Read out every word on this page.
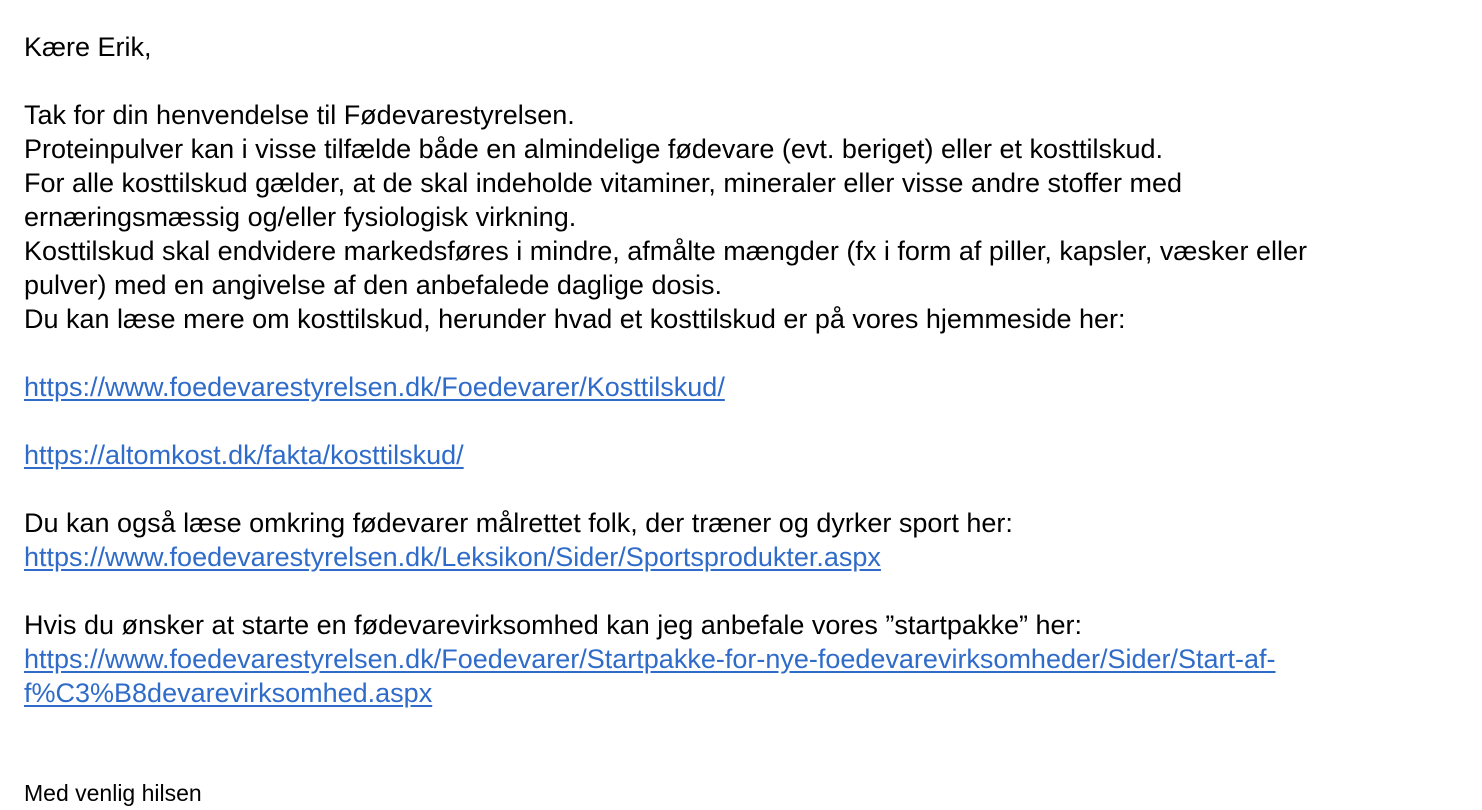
Kære Erik,
Tak for din henvendelse til Fødevarestyrelsen.
Proteinpulver kan i visse tilfælde både en almindelige fødevare (evt. beriget) eller et kosttilskud.
For alle kosttilskud gælder, at de skal indeholde vitaminer, mineraler eller visse andre stoffer med
ernæringsmæssig og/eller fysiologisk virkning.
Kosttilskud skal endvidere markedsføres i mindre, afmålte mængder (fx i form af piller, kapsler, væsker eller
pulver) med en angivelse af den anbefalede daglige dosis.
Du kan læse mere om kosttilskud, herunder hvad et kosttilskud er på vores hjemmeside her:
https://www.foedevarestyrelsen.dk/Foedevarer/Kosttilskud/
https://altomkost.dk/fakta/kosttilskud/
Du kan også læse omkring fødevarer målrettet folk, der træner og dyrker sport her:
https://www.foedevarestyrelsen.dk/Leksikon/Sider/Sportsprodukter.aspx
Hvis du ønsker at starte en fødevarevirksomhed kan jeg anbefale vores ”startpakke” her:
https://www.foedevarestyrelsen.dk/Foedevarer/Startpakke-for-nye-foedevarevirksomheder/Sider/Start-af-
f%C3%B8devarevirksomhed.aspx
Med venlig hilsen
